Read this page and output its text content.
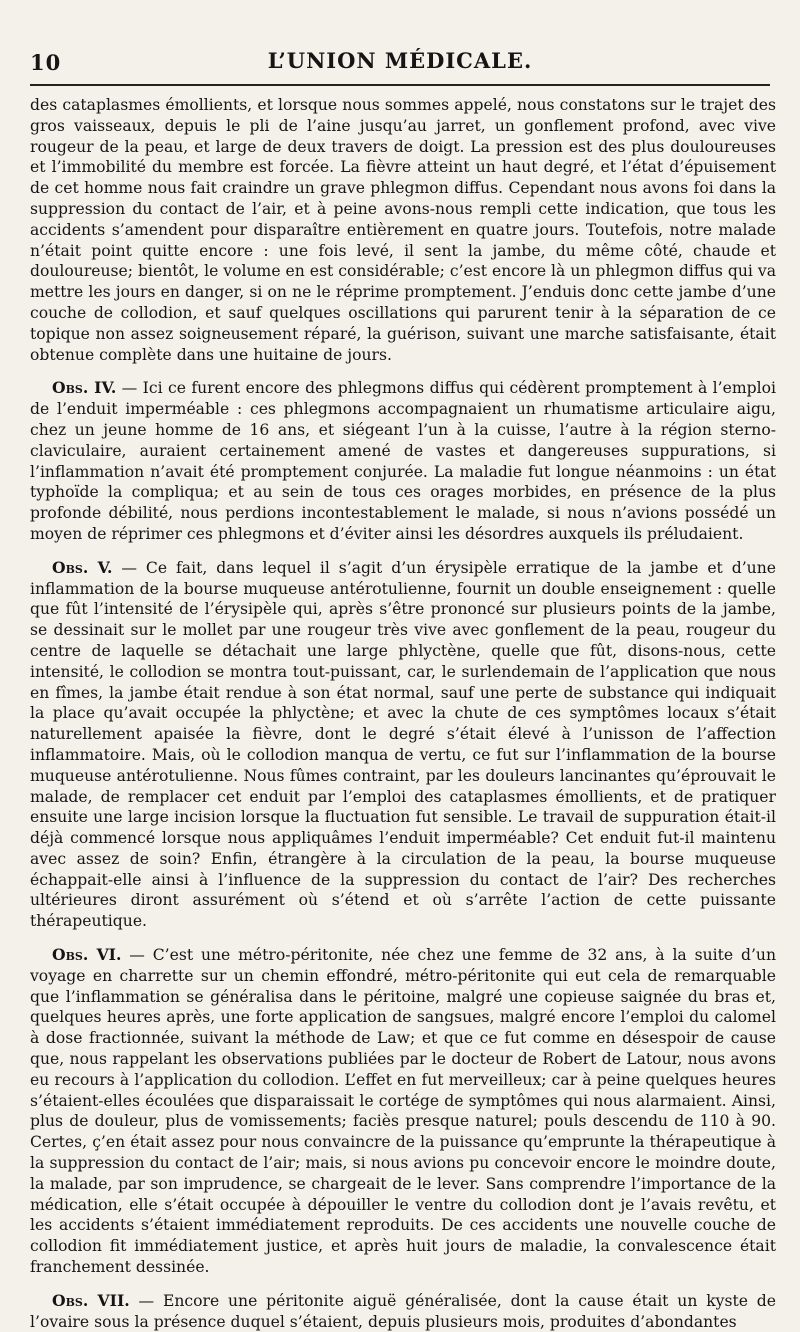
10	L’UNION MÉDICALE.

des cataplasmes émollients, et lorsque nous sommes appelé, nous constatons sur le trajet des gros vaisseaux, depuis le pli de l’aine jusqu’au jarret, un gonflement profond, avec vive rougeur de la peau, et large de deux travers de doigt. La pression est des plus douloureuses et l’immobilité du membre est forcée. La fièvre atteint un haut degré, et l’état d’épuisement de cet homme nous fait craindre un grave phlegmon diffus. Cependant nous avons foi dans la suppression du contact de l’air, et à peine avons-nous rempli cette indication, que tous les accidents s’amendent pour disparaître entièrement en quatre jours. Toutefois, notre malade n’était point quitte encore : une fois levé, il sent la jambe, du même côté, chaude et douloureuse; bientôt, le volume en est considérable; c’est encore là un phlegmon diffus qui va mettre les jours en danger, si on ne le réprime promptement. J’enduis donc cette jambe d’une couche de collodion, et sauf quelques oscillations qui parurent tenir à la séparation de ce topique non assez soigneusement réparé, la guérison, suivant une marche satisfaisante, était obtenue complète dans une huitaine de jours.

Obs. IV. — Ici ce furent encore des phlegmons diffus qui cédèrent promptement à l’emploi de l’enduit imperméable : ces phlegmons accompagnaient un rhumatisme articulaire aigu, chez un jeune homme de 16 ans, et siégeant l’un à la cuisse, l’autre à la région sterno-claviculaire, auraient certainement amené de vastes et dangereuses suppurations, si l’inflammation n’avait été promptement conjurée. La maladie fut longue néanmoins : un état typhoïde la compliqua; et au sein de tous ces orages morbides, en présence de la plus profonde débilité, nous perdions incontestablement le malade, si nous n’avions possédé un moyen de réprimer ces phlegmons et d’éviter ainsi les désordres auxquels ils préludaient.

Obs. V. — Ce fait, dans lequel il s’agit d’un érysipèle erratique de la jambe et d’une inflammation de la bourse muqueuse antérotulienne, fournit un double enseignement : quelle que fût l’intensité de l’érysipèle qui, après s’être prononcé sur plusieurs points de la jambe, se dessinait sur le mollet par une rougeur très vive avec gonflement de la peau, rougeur du centre de laquelle se détachait une large phlyctène, quelle que fût, disons-nous, cette intensité, le collodion se montra tout-puissant, car, le surlendemain de l’application que nous en fîmes, la jambe était rendue à son état normal, sauf une perte de substance qui indiquait la place qu’avait occupée la phlyctène; et avec la chute de ces symptômes locaux s’était naturellement apaisée la fièvre, dont le degré s’était élevé à l’unisson de l’affection inflammatoire. Mais, où le collodion manqua de vertu, ce fut sur l’inflammation de la bourse muqueuse antérotulienne. Nous fûmes contraint, par les douleurs lancinantes qu’éprouvait le malade, de remplacer cet enduit par l’emploi des cataplasmes émollients, et de pratiquer ensuite une large incision lorsque la fluctuation fut sensible. Le travail de suppuration était-il déjà commencé lorsque nous appliquâmes l’enduit imperméable? Cet enduit fut-il maintenu avec assez de soin? Enfin, étrangère à la circulation de la peau, la bourse muqueuse échappait-elle ainsi à l’influence de la suppression du contact de l’air? Des recherches ultérieures diront assurément où s’étend et où s’arrête l’action de cette puissante thérapeutique.

Obs. VI. — C’est une métro-péritonite, née chez une femme de 32 ans, à la suite d’un voyage en charrette sur un chemin effondré, métro-péritonite qui eut cela de remarquable que l’inflammation se généralisa dans le péritoine, malgré une copieuse saignée du bras et, quelques heures après, une forte application de sangsues, malgré encore l’emploi du calomel à dose fractionnée, suivant la méthode de Law; et que ce fut comme en désespoir de cause que, nous rappelant les observations publiées par le docteur de Robert de Latour, nous avons eu recours à l’application du collodion. L’effet en fut merveilleux; car à peine quelques heures s’étaient-elles écoulées que disparaissait le cortége de symptômes qui nous alarmaient. Ainsi, plus de douleur, plus de vomissements; faciès presque naturel; pouls descendu de 110 à 90. Certes, ç’en était assez pour nous convaincre de la puissance qu’emprunte la thérapeutique à la suppression du contact de l’air; mais, si nous avions pu concevoir encore le moindre doute, la malade, par son imprudence, se chargeait de le lever. Sans comprendre l’importance de la médication, elle s’était occupée à dépouiller le ventre du collodion dont je l’avais revêtu, et les accidents s’étaient immédiatement reproduits. De ces accidents une nouvelle couche de collodion fit immédiatement justice, et après huit jours de maladie, la convalescence était franchement dessinée.

Obs. VII. — Encore une péritonite aiguë généralisée, dont la cause était un kyste de l’ovaire sous la présence duquel s’étaient, depuis plusieurs mois, produites d’abondantes
